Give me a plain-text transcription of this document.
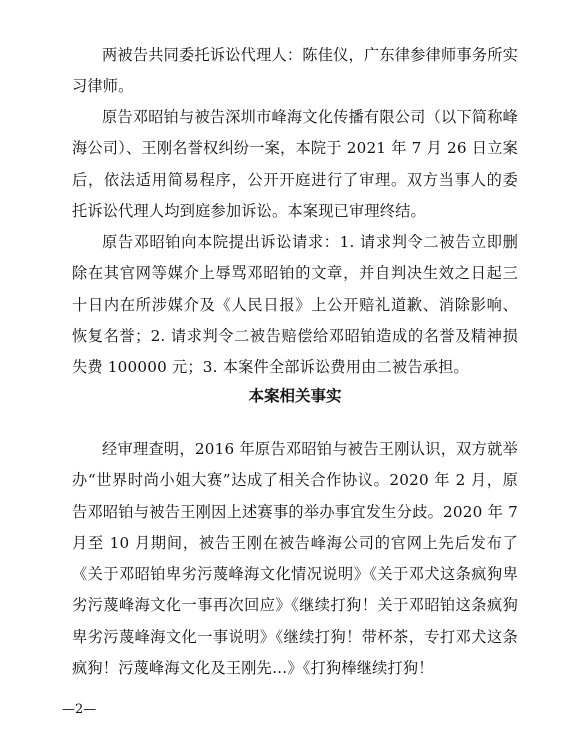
两被告共同委托诉讼代理人：陈佳仪，广东律参律师事务所实习律师。

原告邓昭铂与被告深圳市峰海文化传播有限公司（以下简称峰海公司）、王刚名誉权纠纷一案，本院于 2021 年 7 月 26 日立案后，依法适用简易程序，公开开庭进行了审理。双方当事人的委托诉讼代理人均到庭参加诉讼。本案现已审理终结。

原告邓昭铂向本院提出诉讼请求：1. 请求判令二被告立即删除在其官网等媒介上辱骂邓昭铂的文章，并自判决生效之日起三十日内在所涉媒介及《人民日报》上公开赔礼道歉、消除影响、恢复名誉；2. 请求判令二被告赔偿给邓昭铂造成的名誉及精神损失费 100000 元；3. 本案件全部诉讼费用由二被告承担。

本案相关事实

经审理查明，2016 年原告邓昭铂与被告王刚认识，双方就举办“世界时尚小姐大赛”达成了相关合作协议。2020 年 2 月，原告邓昭铂与被告王刚因上述赛事的举办事宜发生分歧。2020 年 7 月至 10 月期间，被告王刚在被告峰海公司的官网上先后发布了《关于邓昭铂卑劣污蔑峰海文化情况说明》《关于邓犬这条疯狗卑劣污蔑峰海文化一事再次回应》《继续打狗！关于邓昭铂这条疯狗卑劣污蔑峰海文化一事说明》《继续打狗！带杯茶，专打邓犬这条疯狗！污蔑峰海文化及王刚先…》《打狗棒继续打狗！

—2—
